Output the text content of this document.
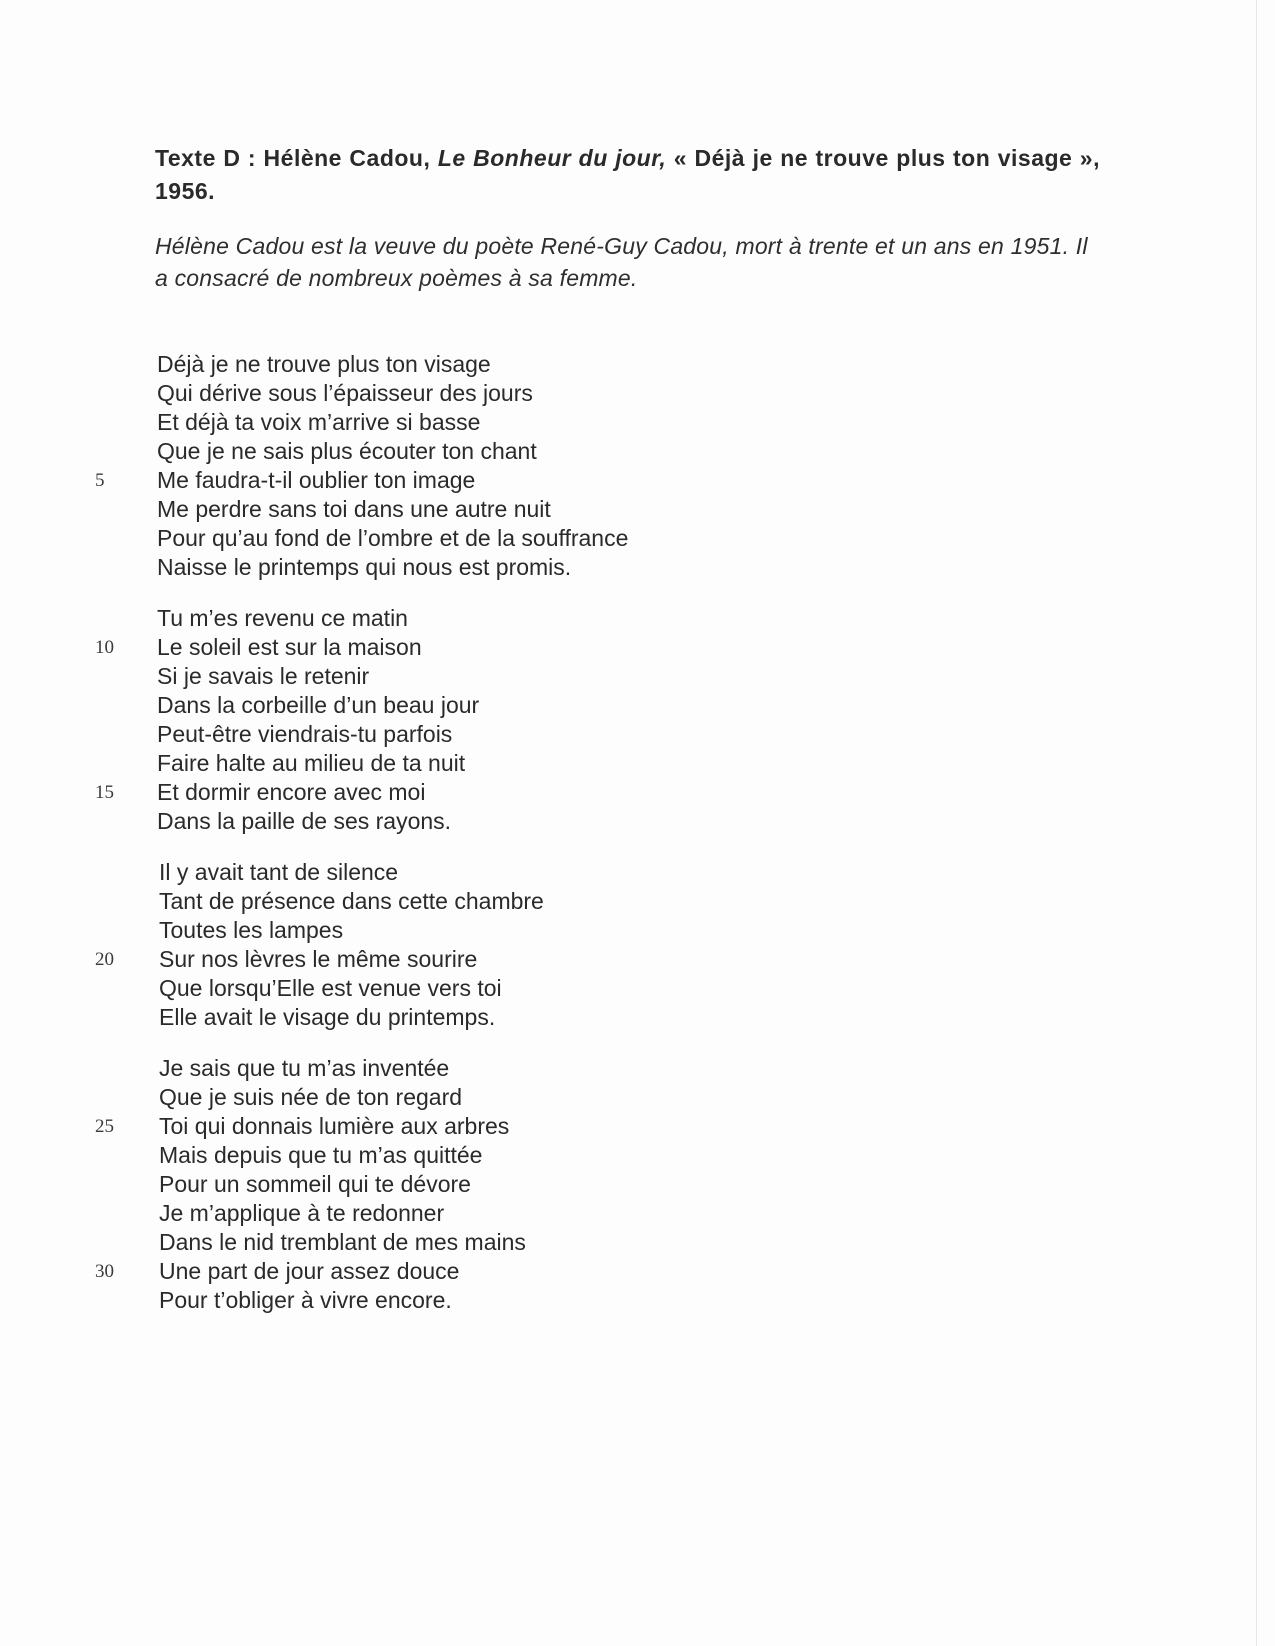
Texte D : Hélène Cadou, Le Bonheur du jour, « Déjà je ne trouve plus ton visage », 1956.

Hélène Cadou est la veuve du poète René-Guy Cadou, mort à trente et un ans en 1951. Il a consacré de nombreux poèmes à sa femme.

Déjà je ne trouve plus ton visage
Qui dérive sous l’épaisseur des jours
Et déjà ta voix m’arrive si basse
Que je ne sais plus écouter ton chant
5	Me faudra-t-il oublier ton image
Me perdre sans toi dans une autre nuit
Pour qu’au fond de l’ombre et de la souffrance
Naisse le printemps qui nous est promis.
Tu m’es revenu ce matin
10	Le soleil est sur la maison
Si je savais le retenir
Dans la corbeille d’un beau jour
Peut-être viendrais-tu parfois
Faire halte au milieu de ta nuit
15	Et dormir encore avec moi
Dans la paille de ses rayons.
Il y avait tant de silence
Tant de présence dans cette chambre
Toutes les lampes
20	Sur nos lèvres le même sourire
Que lorsqu’Elle est venue vers toi
Elle avait le visage du printemps.
Je sais que tu m’as inventée
Que je suis née de ton regard
25	Toi qui donnais lumière aux arbres
Mais depuis que tu m’as quittée
Pour un sommeil qui te dévore
Je m’applique à te redonner
Dans le nid tremblant de mes mains
30	Une part de jour assez douce
Pour t’obliger à vivre encore.
